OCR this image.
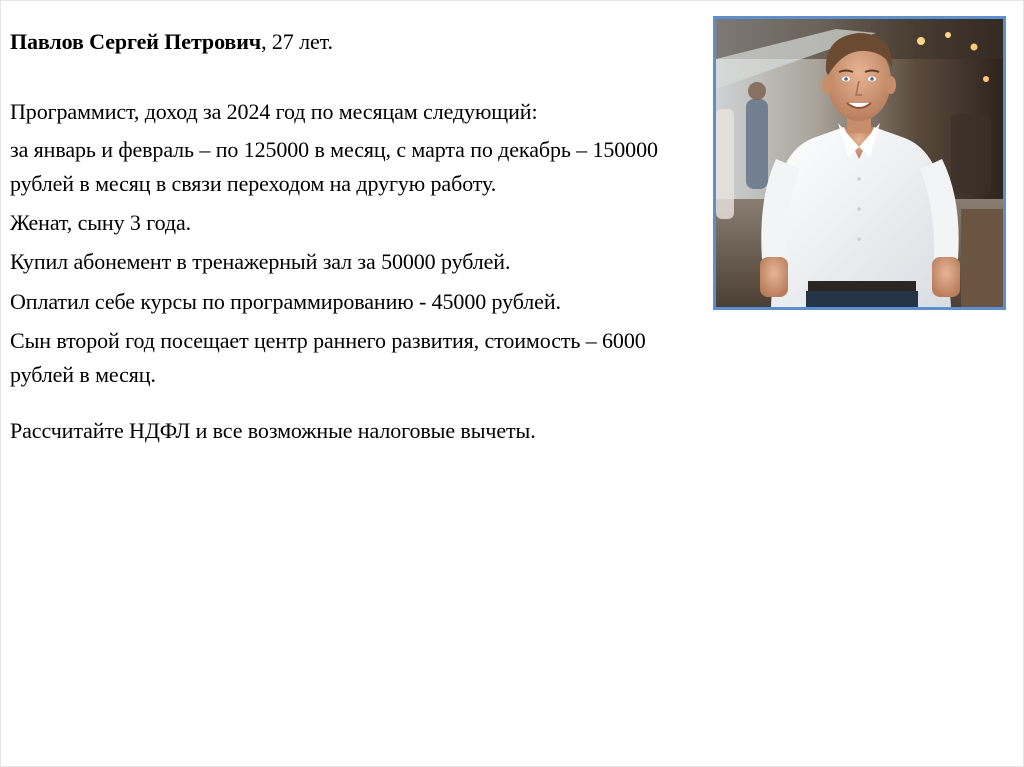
Павлов Сергей Петрович, 27 лет.

Программист, доход за 2024 год по месяцам следующий:

за январь и февраль – по 125000 в месяц, с марта по декабрь – 150000 рублей в месяц в связи переходом на другую работу.

Женат, сыну 3 года.

Купил абонемент в тренажерный зал за 50000 рублей.

Оплатил себе курсы по программированию - 45000 рублей.

Сын второй год посещает центр раннего развития, стоимость – 6000 рублей в месяц.

Рассчитайте НДФЛ и все возможные налоговые вычеты.
